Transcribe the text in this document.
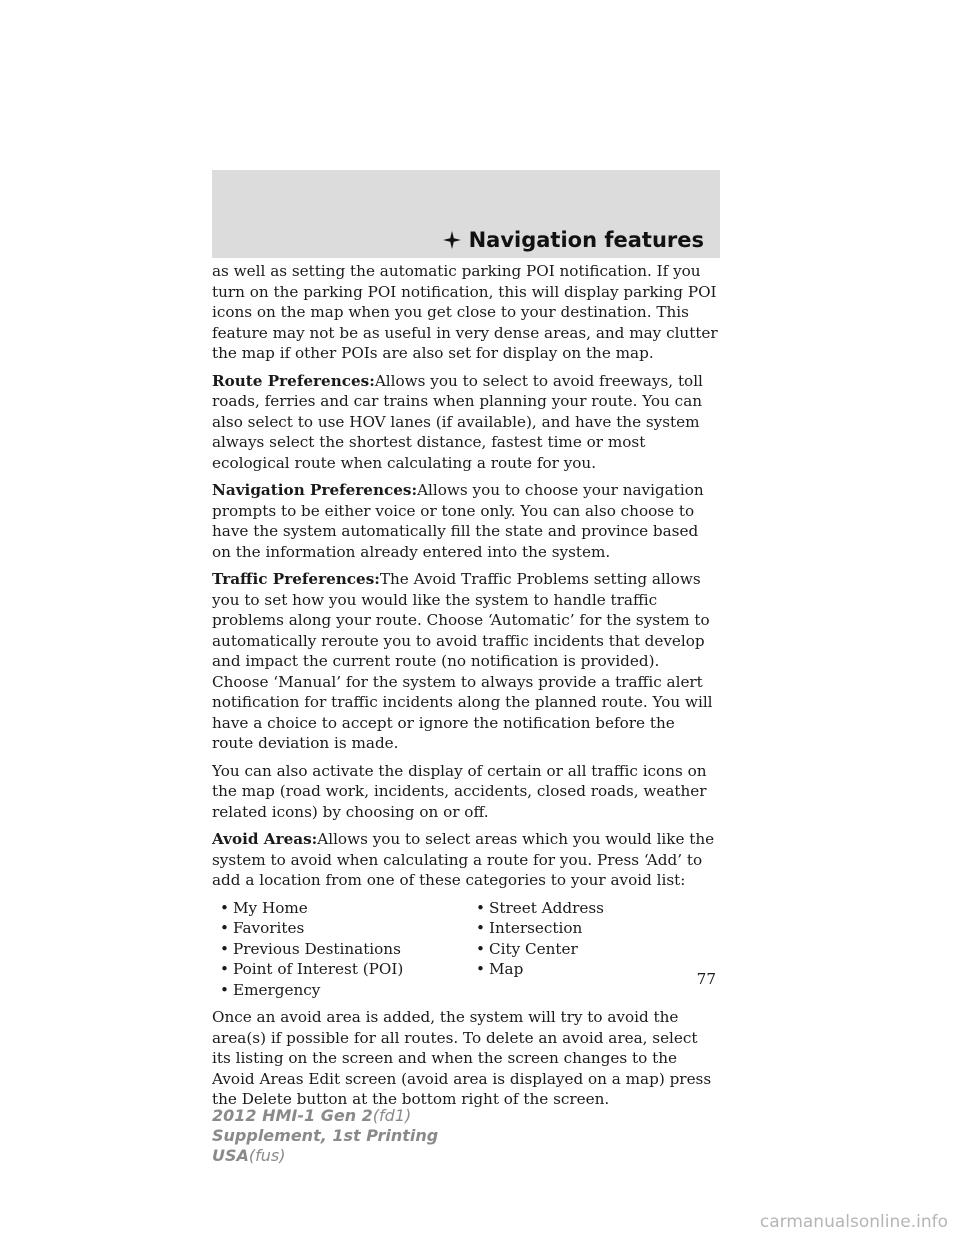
Navigation features

as well as setting the automatic parking POI notification. If you turn on the parking POI notification, this will display parking POI icons on the map when you get close to your destination. This feature may not be as useful in very dense areas, and may clutter the map if other POIs are also set for display on the map.

Route Preferences:Allows you to select to avoid freeways, toll roads, ferries and car trains when planning your route. You can also select to use HOV lanes (if available), and have the system always select the shortest distance, fastest time or most ecological route when calculating a route for you.

Navigation Preferences:Allows you to choose your navigation prompts to be either voice or tone only. You can also choose to have the system automatically fill the state and province based on the information already entered into the system.

Traffic Preferences:The Avoid Traffic Problems setting allows you to set how you would like the system to handle traffic problems along your route. Choose ‘Automatic’ for the system to automatically reroute you to avoid traffic incidents that develop and impact the current route (no notification is provided). Choose ‘Manual’ for the system to always provide a traffic alert notification for traffic incidents along the planned route. You will have a choice to accept or ignore the notification before the route deviation is made.

You can also activate the display of certain or all traffic icons on the map (road work, incidents, accidents, closed roads, weather related icons) by choosing on or off.

Avoid Areas:Allows you to select areas which you would like the system to avoid when calculating a route for you. Press ‘Add’ to add a location from one of these categories to your avoid list:

• My Home	• Street Address
• Favorites	• Intersection
• Previous Destinations	• City Center
• Point of Interest (POI)	• Map
• Emergency

Once an avoid area is added, the system will try to avoid the area(s) if possible for all routes. To delete an avoid area, select its listing on the screen and when the screen changes to the Avoid Areas Edit screen (avoid area is displayed on a map) press the Delete button at the bottom right of the screen.

77
2012 HMI-1 Gen 2(fd1)
Supplement, 1st Printing
USA(fus)
carmanualsonline.info
